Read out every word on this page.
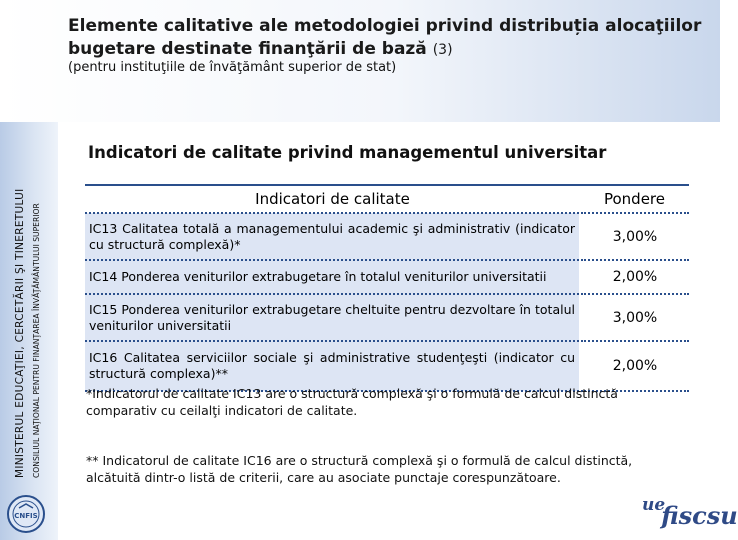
Elemente calitative ale metodologiei privind distribuția alocaţiilor
bugetare destinate finanţării de bază (3)
(pentru instituţiile de învăţământ superior de stat)
MINISTERUL EDUCAŢIEI, CERCETĂRII ŞI TINERETULUI CONSILIUL NAŢIONAL PENTRU FINANŢAREA ÎNVĂŢĂMÂNTULUI SUPERIOR
CNFIS
Indicatori de calitate privind managementul universitar
Indicatori de calitate	Pondere
IC13 Calitatea totală a managementului academic şi administrativ (indicator cu structură complexă)*	3,00%
IC14 Ponderea veniturilor extrabugetare în totalul veniturilor universitatii	2,00%
IC15 Ponderea veniturilor extrabugetare cheltuite pentru dezvoltare în totalul veniturilor universitatii	3,00%
IC16 Calitatea serviciilor sociale şi administrative studenţeşti (indicator cu structură complexa)**	2,00%
*Indicatorul de calitate IC13 are o structură complexă şi o formulă de calcul distinctă comparativ cu ceilalţi indicatori de calitate.
** Indicatorul de calitate IC16 are o structură complexă şi o formulă de calcul distinctă, alcătuită dintr-o listă de criterii, care au asociate punctaje corespunzătoare.
$^{ue}$fiscsu
